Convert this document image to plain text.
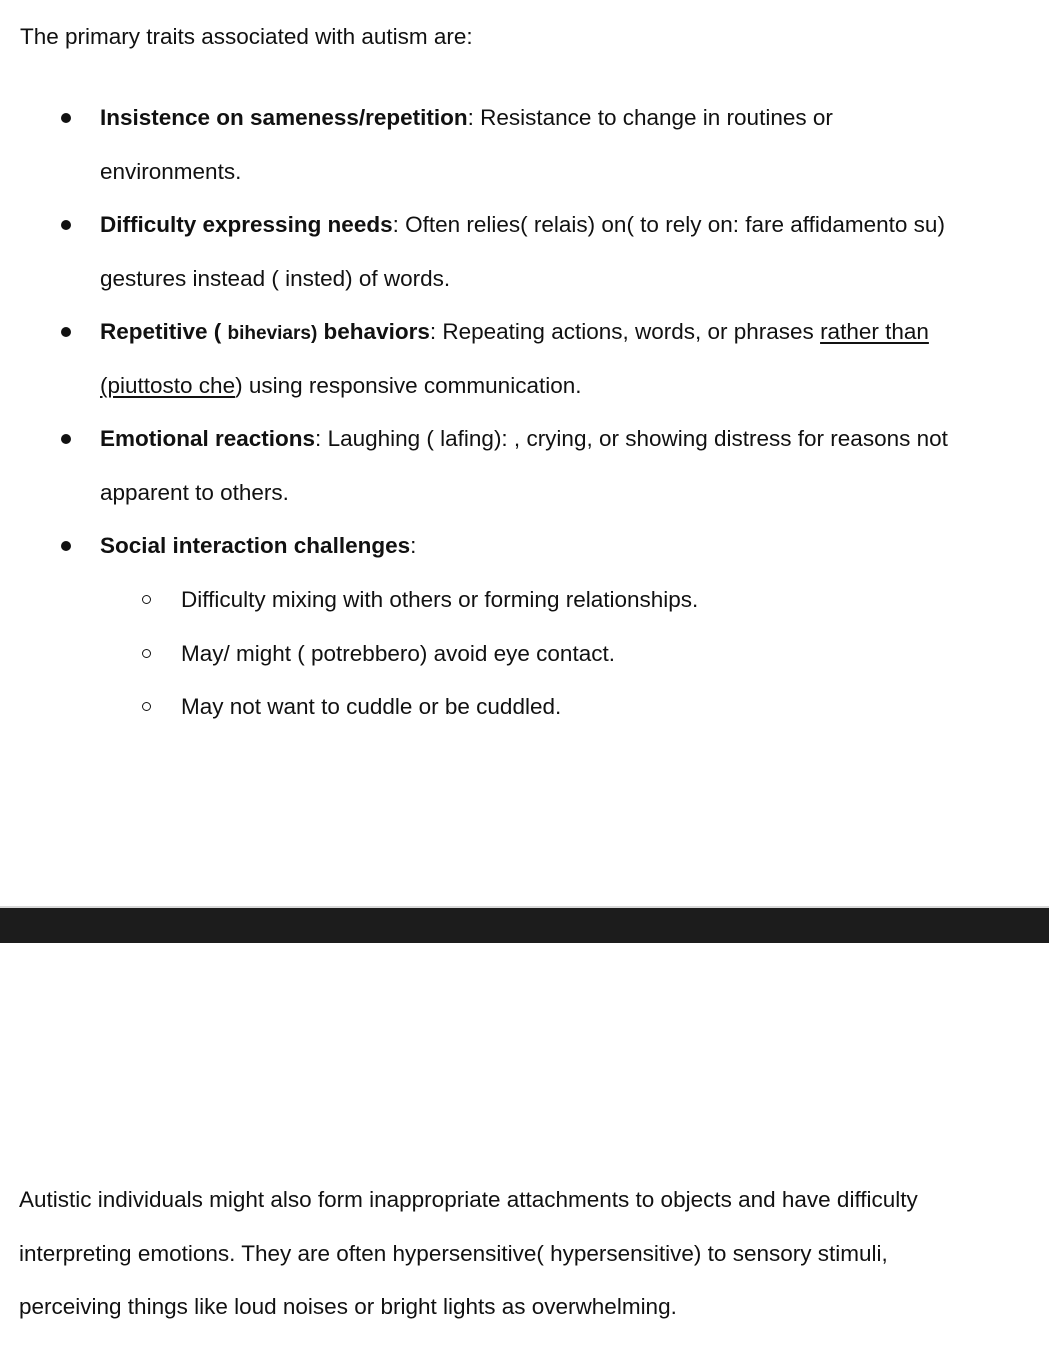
The primary traits associated with autism are:
Insistence on sameness/repetition: Resistance to change in routines or
environments.
Difficulty expressing needs: Often relies( relais) on( to rely on: fare affidamento su)
gestures instead ( insted) of words.
Repetitive ( biheviars) behaviors: Repeating actions, words, or phrases rather than
(piuttosto che) using responsive communication.
Emotional reactions: Laughing ( lafing): , crying, or showing distress for reasons not
apparent to others.
Social interaction challenges:
Difficulty mixing with others or forming relationships.
May/ might ( potrebbero) avoid eye contact.
May not want to cuddle or be cuddled.
Autistic individuals might also form inappropriate attachments to objects and have difficulty
interpreting emotions. They are often hypersensitive( hypersensitive) to sensory stimuli,
perceiving things like loud noises or bright lights as overwhelming.
